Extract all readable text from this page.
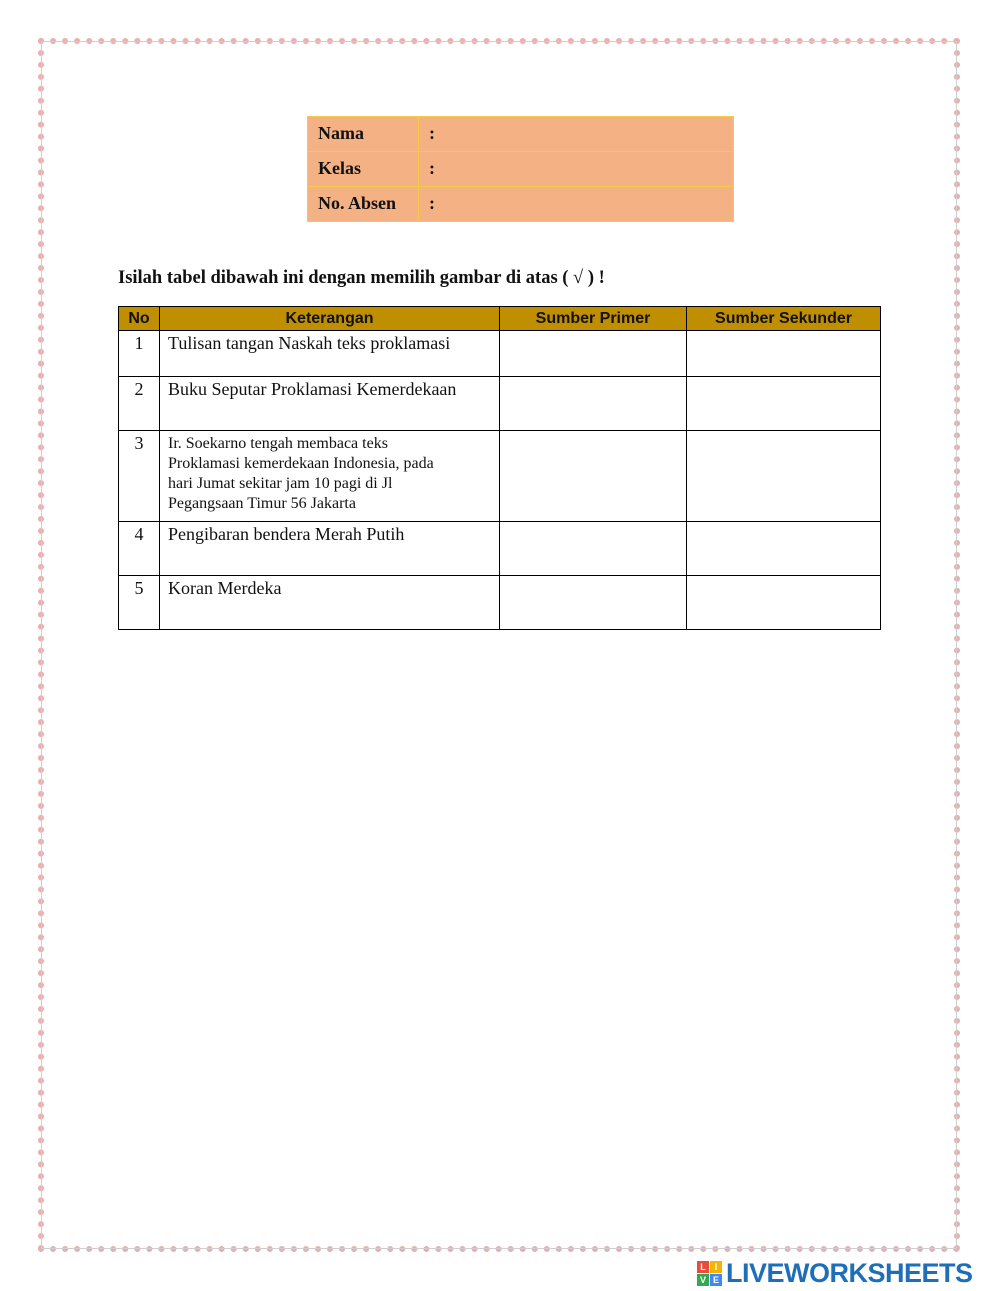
Nama	:
Kelas	:
No. Absen	:
Isilah tabel dibawah ini dengan memilih gambar di atas ( √ ) !
No	Keterangan	Sumber Primer	Sumber Sekunder
1	Tulisan tangan Naskah teks proklamasi		
2	Buku Seputar Proklamasi Kemerdekaan		
3	Ir. Soekarno tengah membaca teks
Proklamasi kemerdekaan Indonesia, pada
hari Jumat sekitar jam 10 pagi di Jl
Pegangsaan Timur 56 Jakarta		

4	Pengibaran bendera Merah Putih		
5	Koran Merdeka		
L I
V E LIVEWORKSHEETS
